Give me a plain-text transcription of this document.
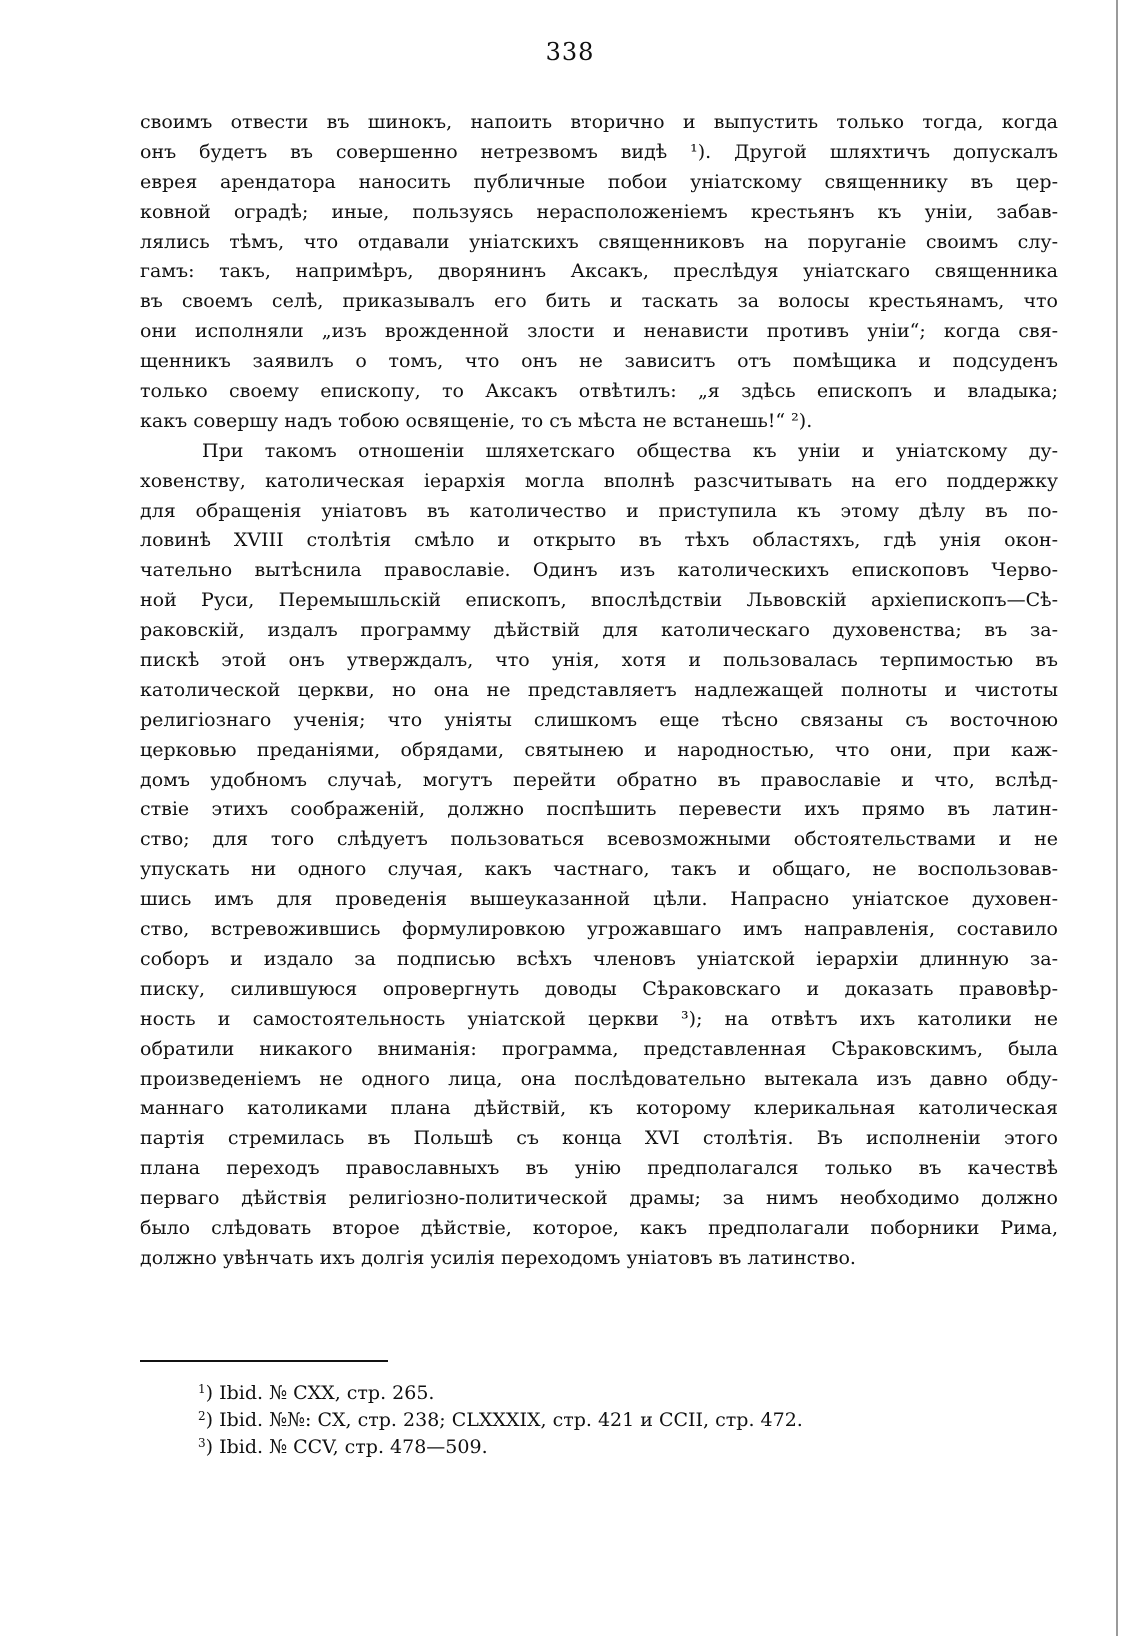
338
своимъ отвести въ шинокъ, напоить вторично и выпустить только тогда, когда
онъ будетъ въ совершенно нетрезвомъ видѣ ¹). Другой шляхтичъ допускалъ
еврея арендатора наносить публичные побои уніатскому священнику въ цер-
ковной оградѣ; иные, пользуясь нерасположеніемъ крестьянъ къ уніи, забав-
лялись тѣмъ, что отдавали уніатскихъ священниковъ на поруганіе своимъ слу-
гамъ: такъ, напримѣръ, дворянинъ Аксакъ, преслѣдуя уніатскаго священника
въ своемъ селѣ, приказывалъ его бить и таскать за волосы крестьянамъ, что
они исполняли „изъ врожденной злости и ненависти противъ уніи“; когда свя-
щенникъ заявилъ о томъ, что онъ не зависитъ отъ помѣщика и подсуденъ
только своему епископу, то Аксакъ отвѣтилъ: „я здѣсь епископъ и владыка;
какъ совершу надъ тобою освященіе, то съ мѣста не встанешь!“ ²).
При такомъ отношеніи шляхетскаго общества къ уніи и уніатскому ду-
ховенству, католическая іерархія могла вполнѣ разсчитывать на его поддержку
для обращенія уніатовъ въ католичество и приступила къ этому дѣлу въ по-
ловинѣ XVIII столѣтія смѣло и открыто въ тѣхъ областяхъ, гдѣ унія окон-
чательно вытѣснила православіе. Одинъ изъ католическихъ епископовъ Черво-
ной Руси, Перемышльскій епископъ, впослѣдствіи Львовскій архіепископъ—Сѣ-
раковскій, издалъ программу дѣйствій для католическаго духовенства; въ за-
пискѣ этой онъ утверждалъ, что унія, хотя и пользовалась терпимостью въ
католической церкви, но она не представляетъ надлежащей полноты и чистоты
религіознаго ученія; что уніяты слишкомъ еще тѣсно связаны съ восточною
церковью преданіями, обрядами, святынею и народностью, что они, при каж-
домъ удобномъ случаѣ, могутъ перейти обратно въ православіе и что, вслѣд-
ствіе этихъ соображеній, должно поспѣшить перевести ихъ прямо въ латин-
ство; для того слѣдуетъ пользоваться всевозможными обстоятельствами и не
упускать ни одного случая, какъ частнаго, такъ и общаго, не воспользовав-
шись имъ для проведенія вышеуказанной цѣли. Напрасно уніатское духовен-
ство, встревожившись формулировкою угрожавшаго имъ направленія, составило
соборъ и издало за подписью всѣхъ членовъ уніатской іерархіи длинную за-
писку, силившуюся опровергнуть доводы Сѣраковскаго и доказать правовѣр-
ность и самостоятельность уніатской церкви ³); на отвѣтъ ихъ католики не
обратили никакого вниманія: программа, представленная Сѣраковскимъ, была
произведеніемъ не одного лица, она послѣдовательно вытекала изъ давно обду-
маннаго католиками плана дѣйствій, къ которому клерикальная католическая
партія стремилась въ Польшѣ съ конца XVI столѣтія. Въ исполненіи этого
плана переходъ православныхъ въ унію предполагался только въ качествѣ
перваго дѣйствія религіозно-политической драмы; за нимъ необходимо должно
было слѣдовать второе дѣйствіе, которое, какъ предполагали поборники Рима,
должно увѣнчать ихъ долгія усилія переходомъ уніатовъ въ латинство.
$^1$) Ibid. № CXX, стр. 265.
$^2$) Ibid. №№: CX, стр. 238; CLXXXIX, стр. 421 и CCII, стр. 472.
$^3$) Ibid. № CCV, стр. 478—509.
